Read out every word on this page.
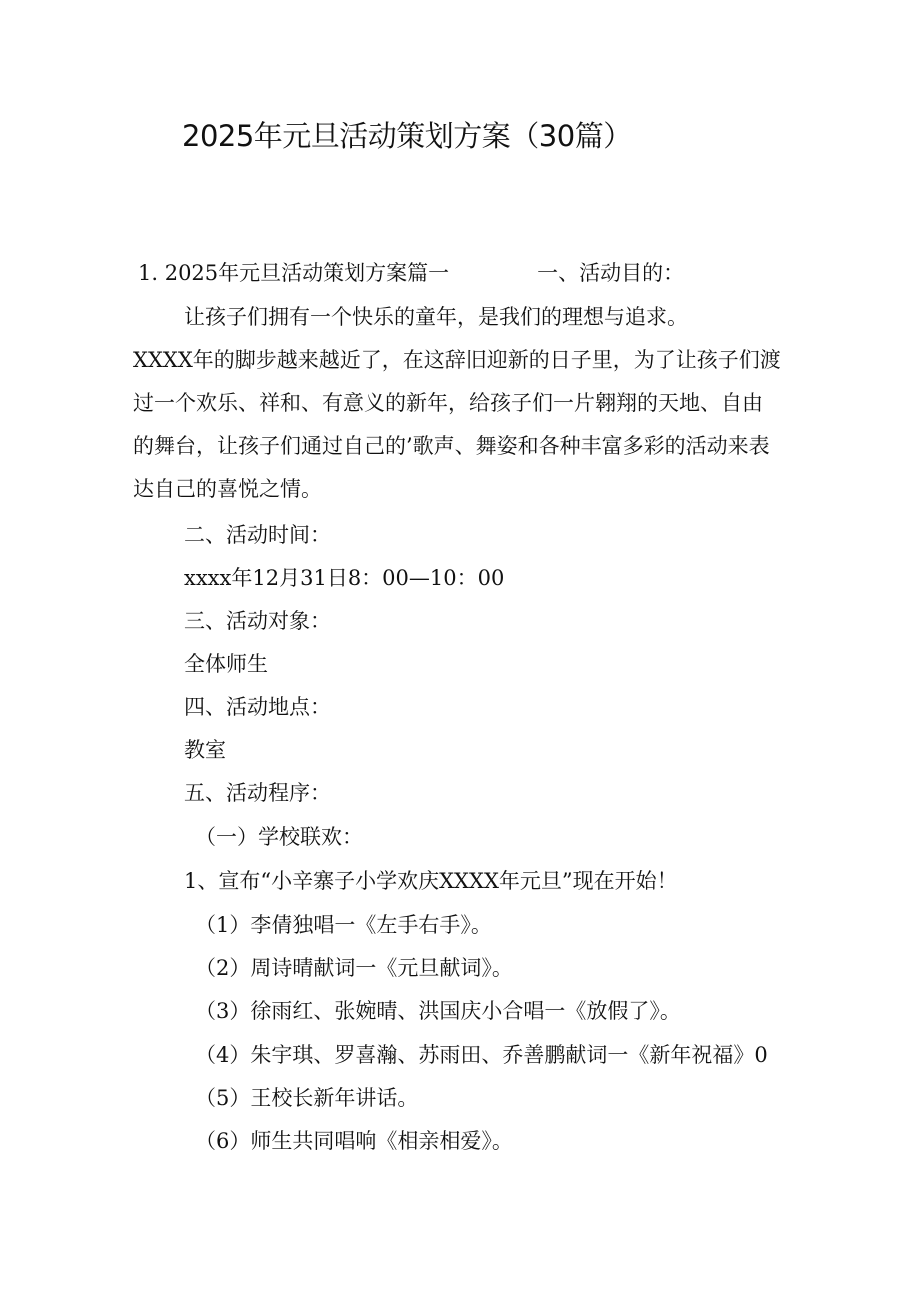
2025年元旦活动策划方案（30篇）
1. 2025年元旦活动策划方案篇一	一、活动目的：
让孩子们拥有一个快乐的童年，是我们的理想与追求。
XXXX年的脚步越来越近了，在这辞旧迎新的日子里，为了让孩子们渡
过一个欢乐、祥和、有意义的新年，给孩子们一片翱翔的天地、自由
的舞台，让孩子们通过自己的’歌声、舞姿和各种丰富多彩的活动来表
达自己的喜悦之情。
二、活动时间：
xxxx年12月31日8：00—10：00
三、活动对象：
全体师生
四、活动地点：
教室
五、活动程序：
（一）学校联欢：
1、宣布“小辛寨子小学欢庆XXXX年元旦”现在开始！
（1）李倩独唱一《左手右手》。
（2）周诗晴献词一《元旦献词》。
（3）徐雨红、张婉晴、洪国庆小合唱一《放假了》。
（4）朱宇琪、罗喜瀚、苏雨田、乔善鹏献词一《新年祝福》0
（5）王校长新年讲话。
（6）师生共同唱响《相亲相爱》。
